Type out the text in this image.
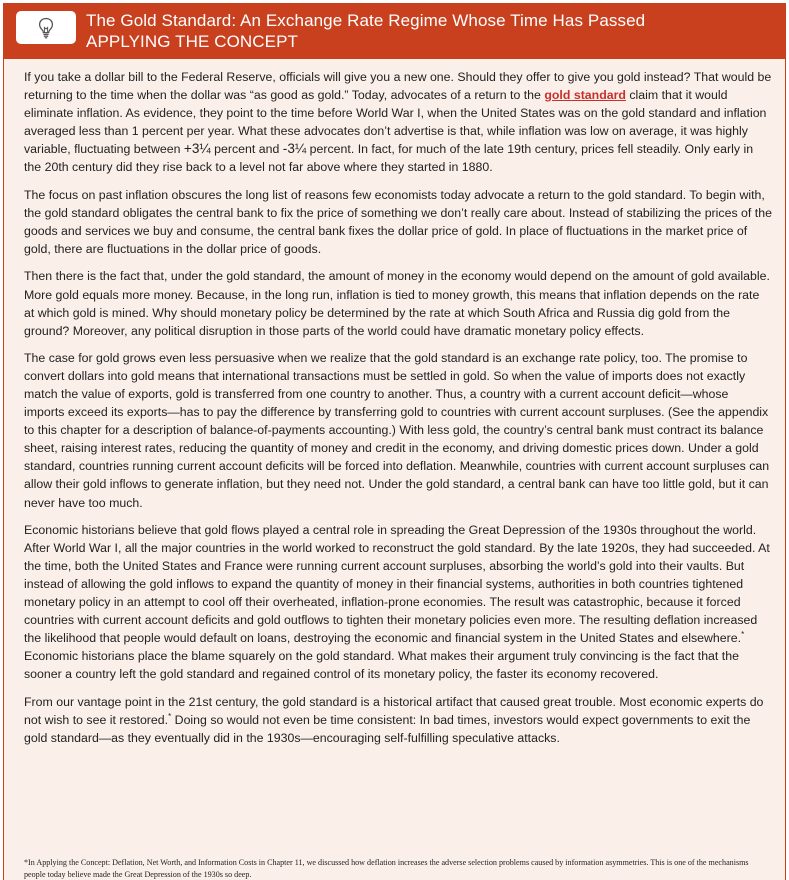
The Gold Standard: An Exchange Rate Regime Whose Time Has Passed
APPLYING THE CONCEPT

If you take a dollar bill to the Federal Reserve, officials will give you a new one. Should they offer to give you gold instead? That would be returning to the time when the dollar was “as good as gold.” Today, advocates of a return to the gold standard claim that it would eliminate inflation. As evidence, they point to the time before World War I, when the United States was on the gold standard and inflation averaged less than 1 percent per year. What these advocates don’t advertise is that, while inflation was low on average, it was highly variable, fluctuating between +3¼ percent and -3¼ percent. In fact, for much of the late 19th century, prices fell steadily. Only early in the 20th century did they rise back to a level not far above where they started in 1880.

The focus on past inflation obscures the long list of reasons few economists today advocate a return to the gold standard. To begin with, the gold standard obligates the central bank to fix the price of something we don’t really care about. Instead of stabilizing the prices of the goods and services we buy and consume, the central bank fixes the dollar price of gold. In place of fluctuations in the market price of gold, there are fluctuations in the dollar price of goods.

Then there is the fact that, under the gold standard, the amount of money in the economy would depend on the amount of gold available. More gold equals more money. Because, in the long run, inflation is tied to money growth, this means that inflation depends on the rate at which gold is mined. Why should monetary policy be determined by the rate at which South Africa and Russia dig gold from the ground? Moreover, any political disruption in those parts of the world could have dramatic monetary policy effects.

The case for gold grows even less persuasive when we realize that the gold standard is an exchange rate policy, too. The promise to convert dollars into gold means that international transactions must be settled in gold. So when the value of imports does not exactly match the value of exports, gold is transferred from one country to another. Thus, a country with a current account deficit—whose imports exceed its exports—has to pay the difference by transferring gold to countries with current account surpluses. (See the appendix to this chapter for a description of balance-of-payments accounting.) With less gold, the country’s central bank must contract its balance sheet, raising interest rates, reducing the quantity of money and credit in the economy, and driving domestic prices down. Under a gold standard, countries running current account deficits will be forced into deflation. Meanwhile, countries with current account surpluses can allow their gold inflows to generate inflation, but they need not. Under the gold standard, a central bank can have too little gold, but it can never have too much.

Economic historians believe that gold flows played a central role in spreading the Great Depression of the 1930s throughout the world. After World War I, all the major countries in the world worked to reconstruct the gold standard. By the late 1920s, they had succeeded. At the time, both the United States and France were running current account surpluses, absorbing the world’s gold into their vaults. But instead of allowing the gold inflows to expand the quantity of money in their financial systems, authorities in both countries tightened monetary policy in an attempt to cool off their overheated, inflation-prone economies. The result was catastrophic, because it forced countries with current account deficits and gold outflows to tighten their monetary policies even more. The resulting deflation increased the likelihood that people would default on loans, destroying the economic and financial system in the United States and elsewhere.* Economic historians place the blame squarely on the gold standard. What makes their argument truly convincing is the fact that the sooner a country left the gold standard and regained control of its monetary policy, the faster its economy recovered.

From our vantage point in the 21st century, the gold standard is a historical artifact that caused great trouble. Most economic experts do not wish to see it restored.* Doing so would not even be time consistent: In bad times, investors would expect governments to exit the gold standard—as they eventually did in the 1930s—encouraging self-fulfilling speculative attacks.

*In Applying the Concept: Deflation, Net Worth, and Information Costs in Chapter 11, we discussed how deflation increases the adverse selection problems caused by information asymmetries. This is one of the mechanisms people today believe made the Great Depression of the 1930s so deep.
